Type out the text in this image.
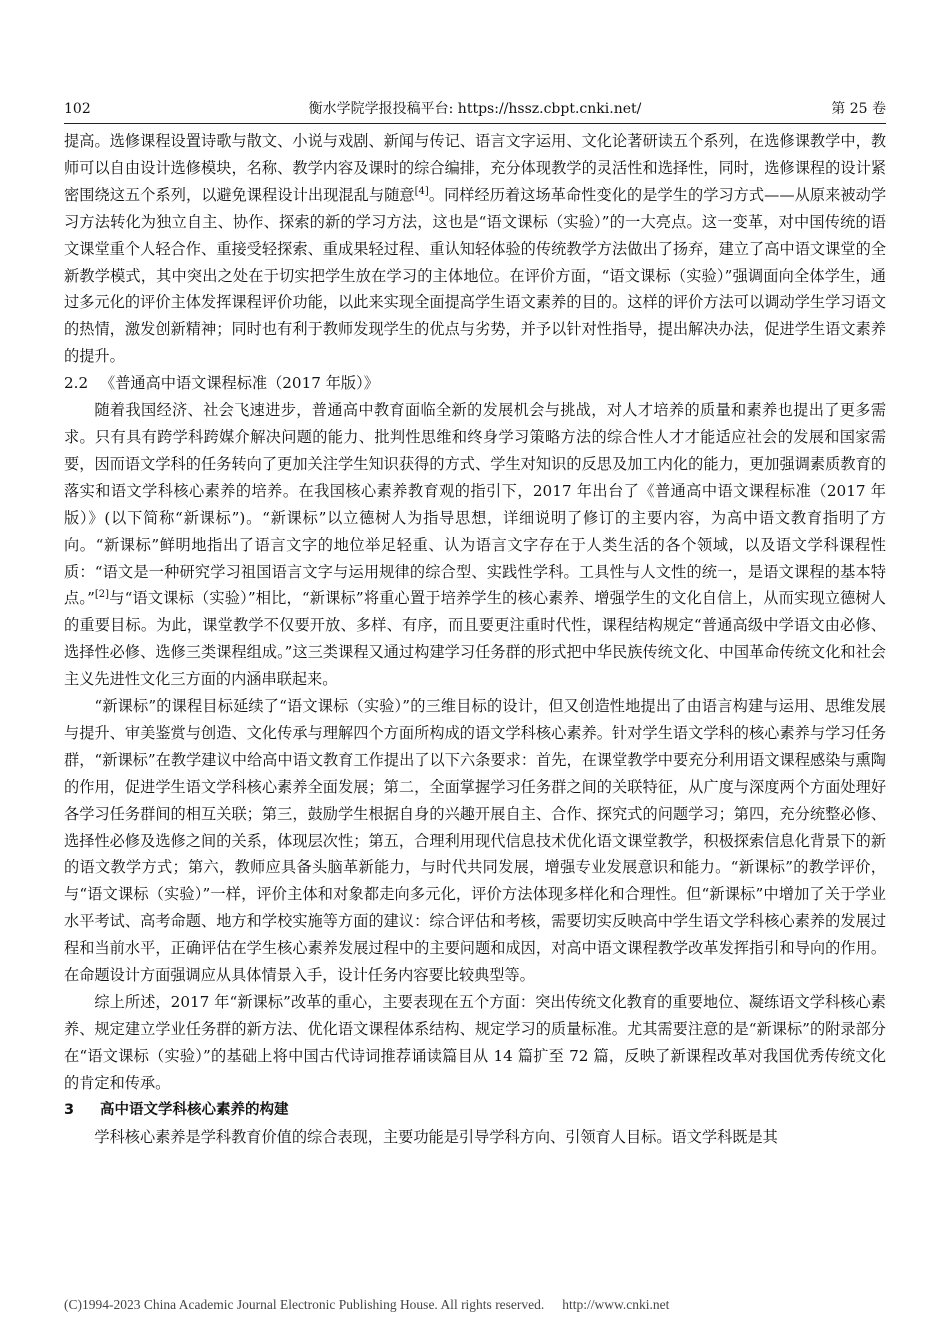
102	衡水学院学报投稿平台: https://hssz.cbpt.cnki.net/	第 25 卷

提高。选修课程设置诗歌与散文、小说与戏剧、新闻与传记、语言文字运用、文化论著研读五个系列，在选修课教学中，教师可以自由设计选修模块，名称、教学内容及课时的综合编排，充分体现教学的灵活性和选择性，同时，选修课程的设计紧密围绕这五个系列，以避免课程设计出现混乱与随意[4]。同样经历着这场革命性变化的是学生的学习方式——从原来被动学习方法转化为独立自主、协作、探索的新的学习方法，这也是“语文课标（实验）”的一大亮点。这一变革，对中国传统的语文课堂重个人轻合作、重接受轻探索、重成果轻过程、重认知轻体验的传统教学方法做出了扬弃，建立了高中语文课堂的全新教学模式，其中突出之处在于切实把学生放在学习的主体地位。在评价方面，“语文课标（实验）”强调面向全体学生，通过多元化的评价主体发挥课程评价功能，以此来实现全面提高学生语文素养的目的。这样的评价方法可以调动学生学习语文的热情，激发创新精神；同时也有利于教师发现学生的优点与劣势，并予以针对性指导，提出解决办法，促进学生语文素养的提升。

2.2 《普通高中语文课程标准（2017 年版）》

随着我国经济、社会飞速进步，普通高中教育面临全新的发展机会与挑战，对人才培养的质量和素养也提出了更多需求。只有具有跨学科跨媒介解决问题的能力、批判性思维和终身学习策略方法的综合性人才才能适应社会的发展和国家需要，因而语文学科的任务转向了更加关注学生知识获得的方式、学生对知识的反思及加工内化的能力，更加强调素质教育的落实和语文学科核心素养的培养。在我国核心素养教育观的指引下，2017 年出台了《普通高中语文课程标准（2017 年版）》(以下简称“新课标”)。“新课标”以立德树人为指导思想，详细说明了修订的主要内容，为高中语文教育指明了方向。“新课标”鲜明地指出了语言文字的地位举足轻重、认为语言文字存在于人类生活的各个领域，以及语文学科课程性质：“语文是一种研究学习祖国语言文字与运用规律的综合型、实践性学科。工具性与人文性的统一，是语文课程的基本特点。”[2]与“语文课标（实验）”相比，“新课标”将重心置于培养学生的核心素养、增强学生的文化自信上，从而实现立德树人的重要目标。为此，课堂教学不仅要开放、多样、有序，而且要更注重时代性，课程结构规定“普通高级中学语文由必修、选择性必修、选修三类课程组成。”这三类课程又通过构建学习任务群的形式把中华民族传统文化、中国革命传统文化和社会主义先进性文化三方面的内涵串联起来。

“新课标”的课程目标延续了“语文课标（实验）”的三维目标的设计，但又创造性地提出了由语言构建与运用、思维发展与提升、审美鉴赏与创造、文化传承与理解四个方面所构成的语文学科核心素养。针对学生语文学科的核心素养与学习任务群，“新课标”在教学建议中给高中语文教育工作提出了以下六条要求：首先，在课堂教学中要充分利用语文课程感染与熏陶的作用，促进学生语文学科核心素养全面发展；第二，全面掌握学习任务群之间的关联特征，从广度与深度两个方面处理好各学习任务群间的相互关联；第三，鼓励学生根据自身的兴趣开展自主、合作、探究式的问题学习；第四，充分统整必修、选择性必修及选修之间的关系，体现层次性；第五，合理利用现代信息技术优化语文课堂教学，积极探索信息化背景下的新的语文教学方式；第六，教师应具备头脑革新能力，与时代共同发展，增强专业发展意识和能力。“新课标”的教学评价，与“语文课标（实验）”一样，评价主体和对象都走向多元化，评价方法体现多样化和合理性。但“新课标”中增加了关于学业水平考试、高考命题、地方和学校实施等方面的建议：综合评估和考核，需要切实反映高中学生语文学科核心素养的发展过程和当前水平，正确评估在学生核心素养发展过程中的主要问题和成因，对高中语文课程教学改革发挥指引和导向的作用。在命题设计方面强调应从具体情景入手，设计任务内容要比较典型等。

综上所述，2017 年“新课标”改革的重心，主要表现在五个方面：突出传统文化教育的重要地位、凝练语文学科核心素养、规定建立学业任务群的新方法、优化语文课程体系结构、规定学习的质量标准。尤其需要注意的是“新课标”的附录部分在“语文课标（实验）”的基础上将中国古代诗词推荐诵读篇目从 14 篇扩至 72 篇，反映了新课程改革对我国优秀传统文化的肯定和传承。

3 高中语文学科核心素养的构建

学科核心素养是学科教育价值的综合表现，主要功能是引导学科方向、引领育人目标。语文学科既是其

(C)1994-2023 China Academic Journal Electronic Publishing House. All rights reserved. http://www.cnki.net
